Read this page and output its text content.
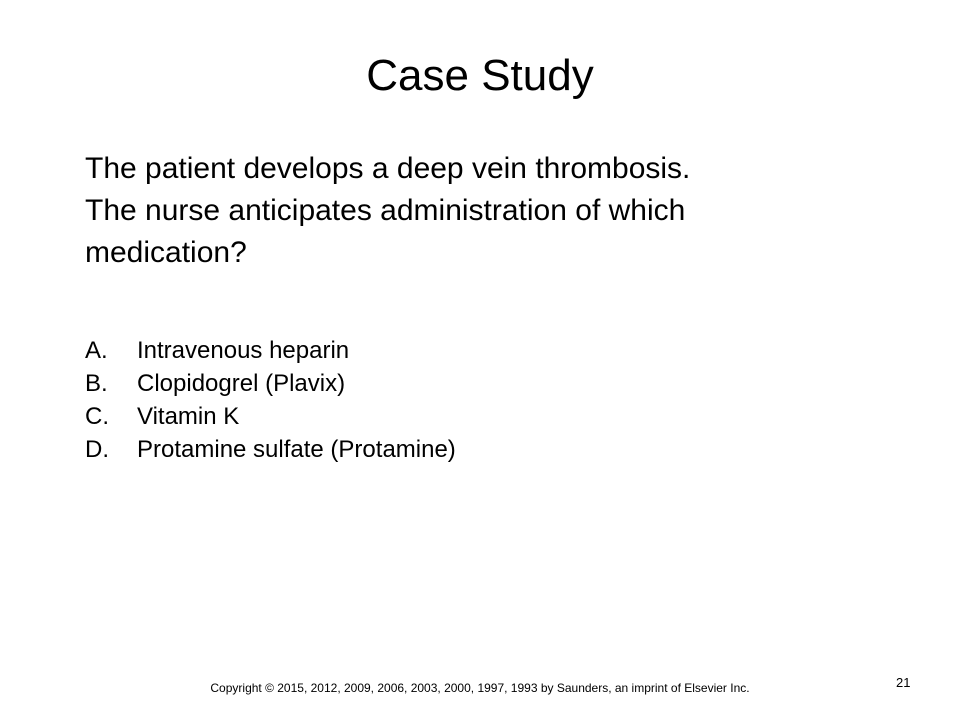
Case Study
The patient develops a deep vein thrombosis.
The nurse anticipates administration of which
medication?
A.	Intravenous heparin
B.	Clopidogrel (Plavix)
C.	Vitamin K
D.	Protamine sulfate (Protamine)
Copyright © 2015, 2012, 2009, 2006, 2003, 2000, 1997, 1993 by Saunders, an imprint of Elsevier Inc.	21
